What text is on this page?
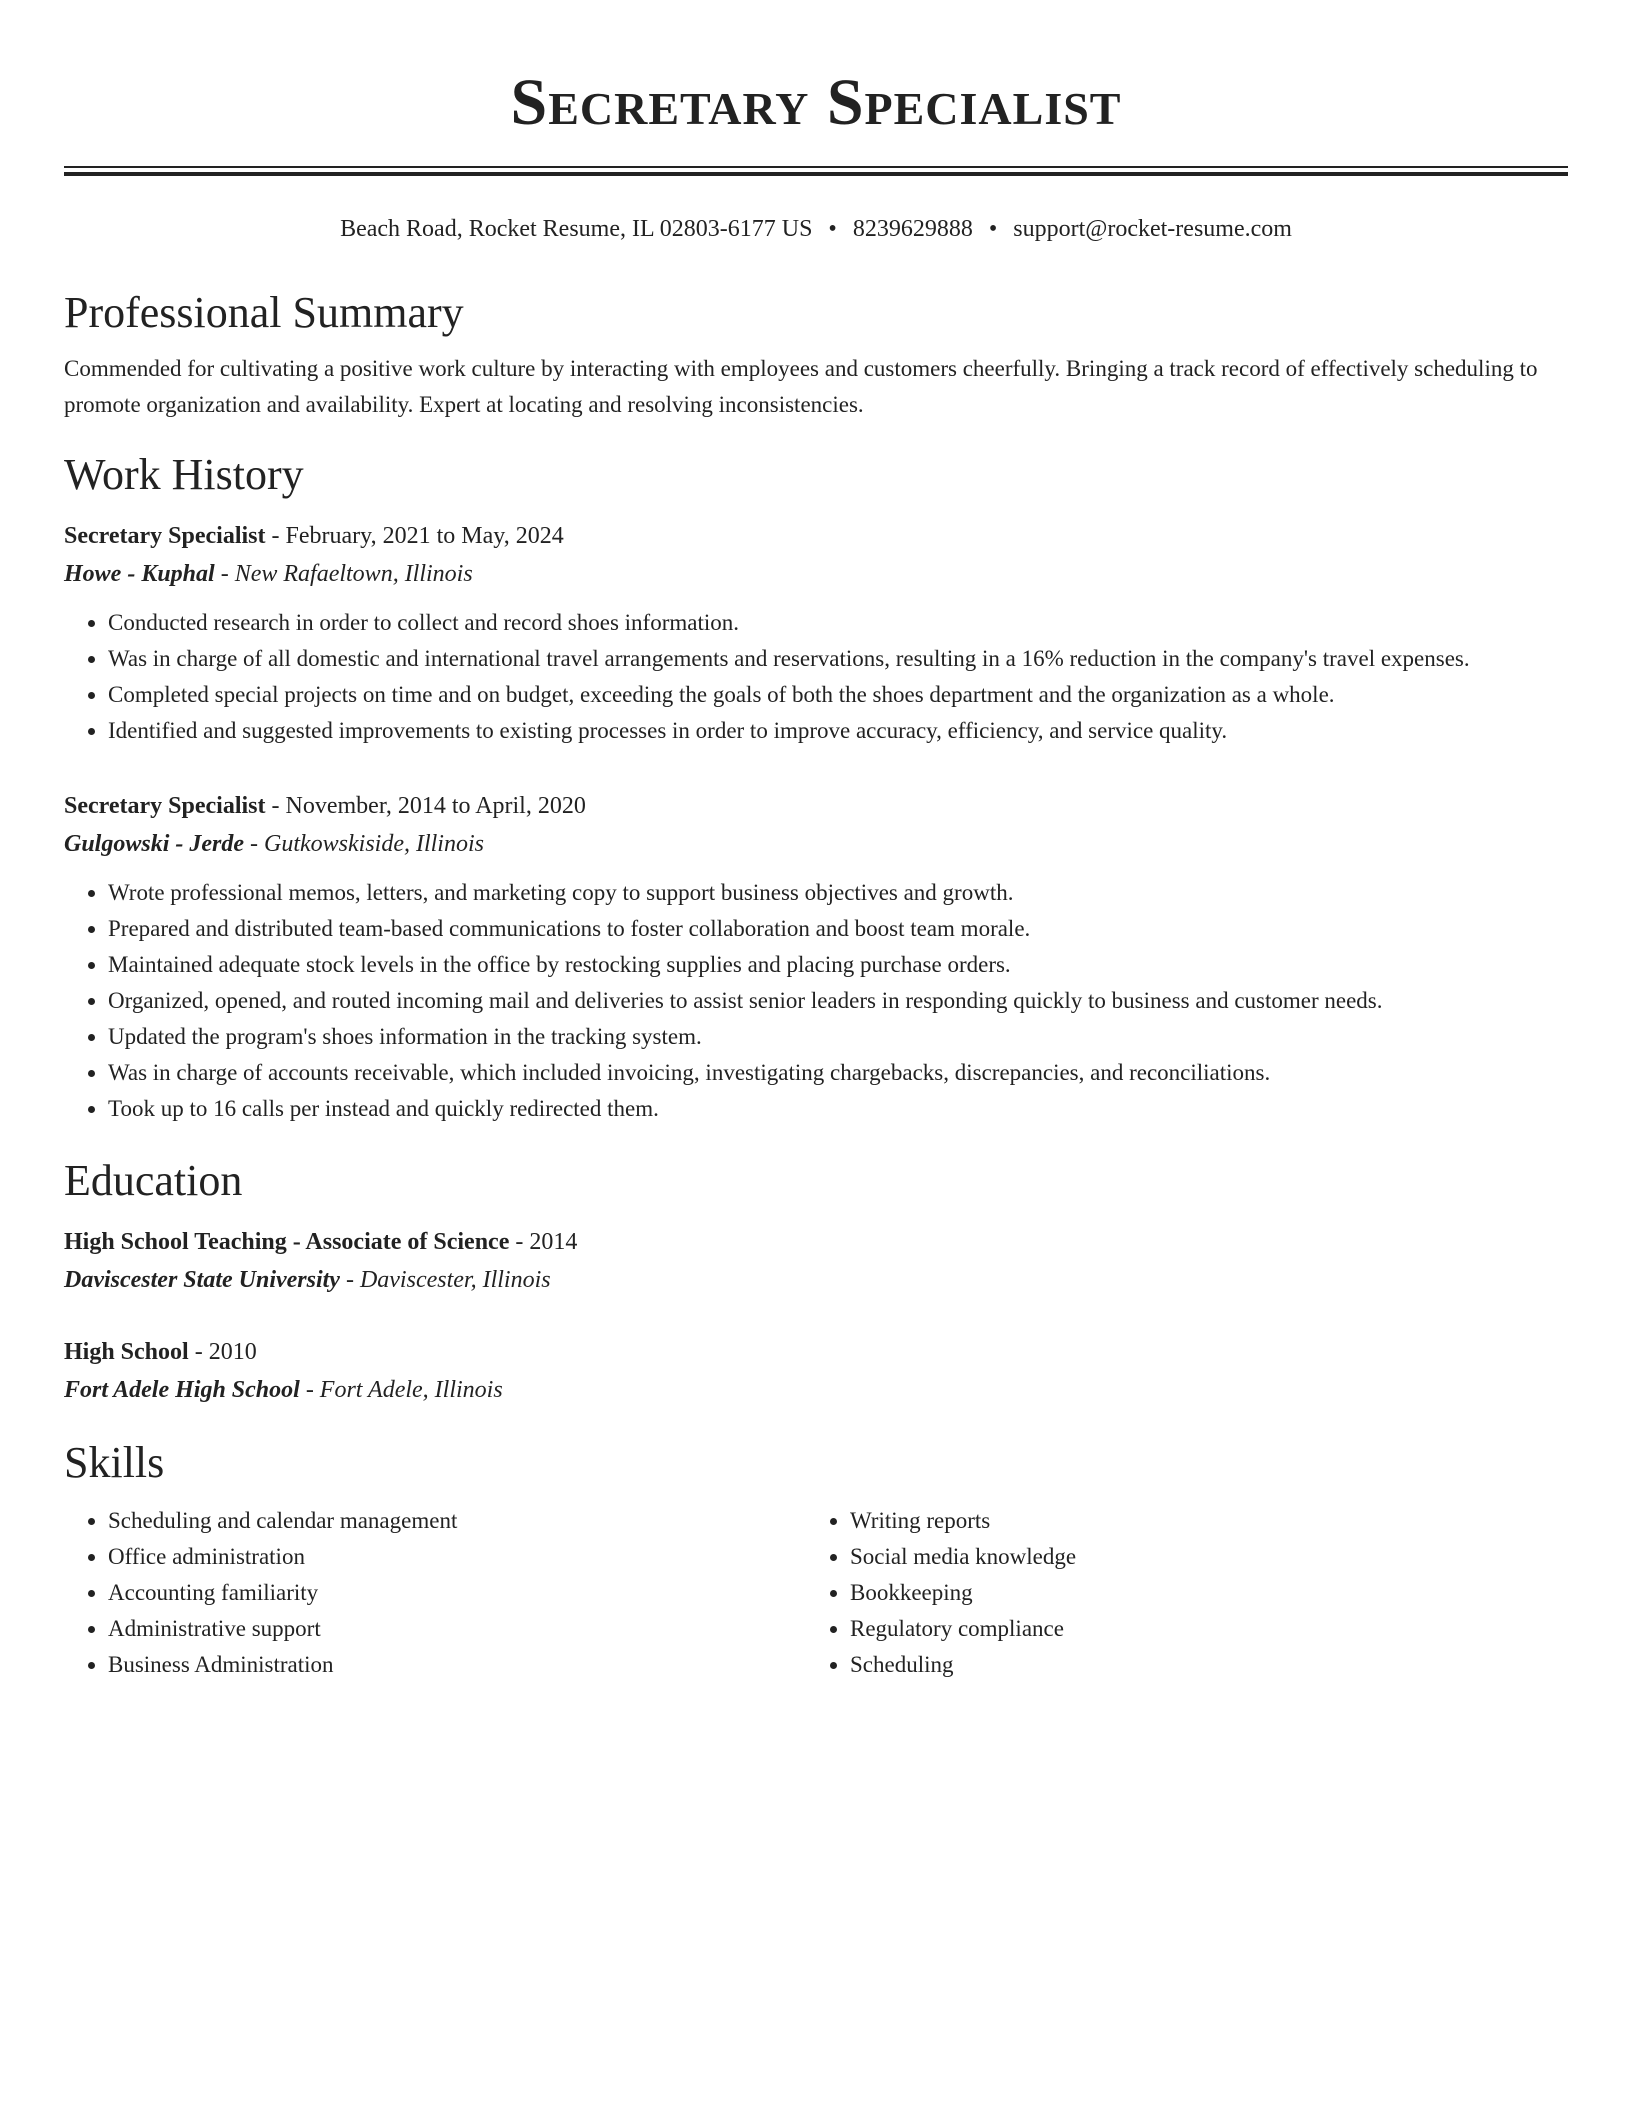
Secretary Specialist
Beach Road, Rocket Resume, IL 02803-6177 US • 8239629888 • support@rocket-resume.com
Professional Summary

Commended for cultivating a positive work culture by interacting with employees and customers cheerfully. Bringing a track record of effectively scheduling to promote organization and availability. Expert at locating and resolving inconsistencies.

Work History
Secretary Specialist - February, 2021 to May, 2024
Howe - Kuphal - New Rafaeltown, Illinois
• Conducted research in order to collect and record shoes information.
• Was in charge of all domestic and international travel arrangements and reservations, resulting in a 16% reduction in the company's travel expenses.
• Completed special projects on time and on budget, exceeding the goals of both the shoes department and the organization as a whole.
• Identified and suggested improvements to existing processes in order to improve accuracy, efficiency, and service quality.
Secretary Specialist - November, 2014 to April, 2020
Gulgowski - Jerde - Gutkowskiside, Illinois
• Wrote professional memos, letters, and marketing copy to support business objectives and growth.
• Prepared and distributed team-based communications to foster collaboration and boost team morale.
• Maintained adequate stock levels in the office by restocking supplies and placing purchase orders.
• Organized, opened, and routed incoming mail and deliveries to assist senior leaders in responding quickly to business and customer needs.
• Updated the program's shoes information in the tracking system.
• Was in charge of accounts receivable, which included invoicing, investigating chargebacks, discrepancies, and reconciliations.
• Took up to 16 calls per instead and quickly redirected them.
Education
High School Teaching - Associate of Science - 2014
Daviscester State University - Daviscester, Illinois
High School - 2010
Fort Adele High School - Fort Adele, Illinois
Skills
• Scheduling and calendar management
• Office administration
• Accounting familiarity
• Administrative support
• Business Administration
• Writing reports
• Social media knowledge
• Bookkeeping
• Regulatory compliance
• Scheduling
